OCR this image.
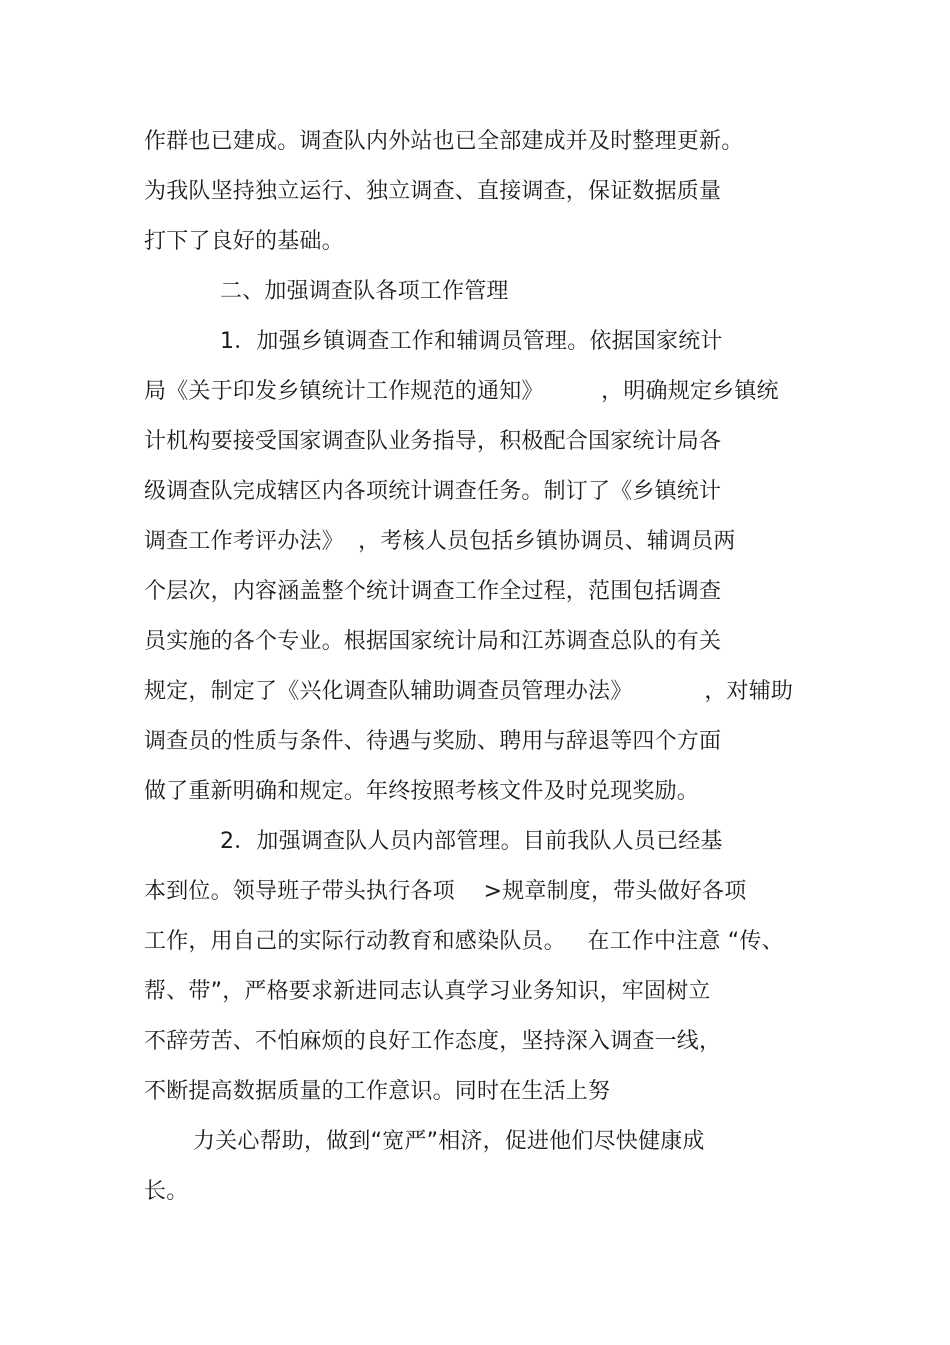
作群也已建成。调查队内外站也已全部建成并及时整理更新。
为我队坚持独立运行、独立调查、直接调查，保证数据质量
打下了良好的基础。
二、加强调查队各项工作管理
1．加强乡镇调查工作和辅调员管理。依据国家统计
局《关于印发乡镇统计工作规范的通知》        ，明确规定乡镇统
计机构要接受国家调查队业务指导，积极配合国家统计局各
级调查队完成辖区内各项统计调查任务。制订了《乡镇统计
调查工作考评办法》  ，考核人员包括乡镇协调员、辅调员两
个层次，内容涵盖整个统计调查工作全过程，范围包括调查
员实施的各个专业。根据国家统计局和江苏调查总队的有关
规定，制定了《兴化调查队辅助调查员管理办法》          ，对辅助
调查员的性质与条件、待遇与奖励、聘用与辞退等四个方面
做了重新明确和规定。年终按照考核文件及时兑现奖励。
2．加强调查队人员内部管理。目前我队人员已经基
本到位。领导班子带头执行各项    >规章制度，带头做好各项
工作，用自己的实际行动教育和感染队员。   在工作中注意 “传、
帮、带”，严格要求新进同志认真学习业务知识，牢固树立
不辞劳苦、不怕麻烦的良好工作态度，坚持深入调查一线，
不断提高数据质量的工作意识。同时在生活上努
力关心帮助，做到“宽严”相济，促进他们尽快健康成
长。
